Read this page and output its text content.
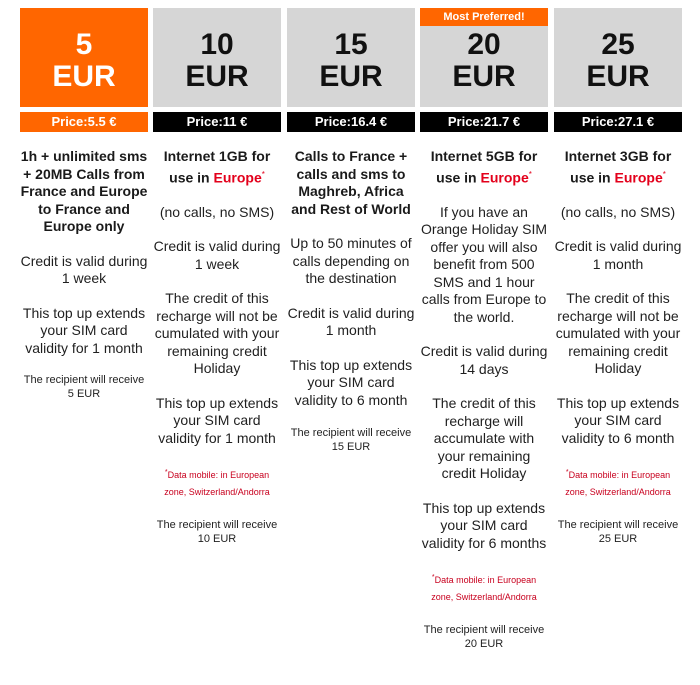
5
EUR
Price:5.5 €

1h + unlimited sms + 20MB Calls from France and Europe to France and Europe only

Credit is valid during 1 week

This top up extends your SIM card validity for 1 month

The recipient will receive 5 EUR

10
EUR
Price:11 €

Internet 1GB for use in Europe*

(no calls, no SMS)

Credit is valid during 1 week

The credit of this recharge will not be cumulated with your remaining credit Holiday

This top up extends your SIM card validity for 1 month

*Data mobile: in European zone, Switzerland/Andorra

The recipient will receive 10 EUR

15
EUR
Price:16.4 €

Calls to France + calls and sms to Maghreb, Africa and Rest of World

Up to 50 minutes of calls depending on the destination

Credit is valid during 1 month

This top up extends your SIM card validity to 6 month

The recipient will receive 15 EUR

20
EUR
Most Preferred!
Price:21.7 €

Internet 5GB for use in Europe*

If you have an Orange Holiday SIM offer you will also benefit from 500 SMS and 1 hour calls from Europe to the world.

Credit is valid during 14 days

The credit of this recharge will accumulate with your remaining credit Holiday

This top up extends your SIM card validity for 6 months

*Data mobile: in European zone, Switzerland/Andorra

The recipient will receive 20 EUR

25
EUR
Price:27.1 €

Internet 3GB for use in Europe*

(no calls, no SMS)

Credit is valid during 1 month

The credit of this recharge will not be cumulated with your remaining credit Holiday

This top up extends your SIM card validity to 6 month

*Data mobile: in European zone, Switzerland/Andorra

The recipient will receive 25 EUR
